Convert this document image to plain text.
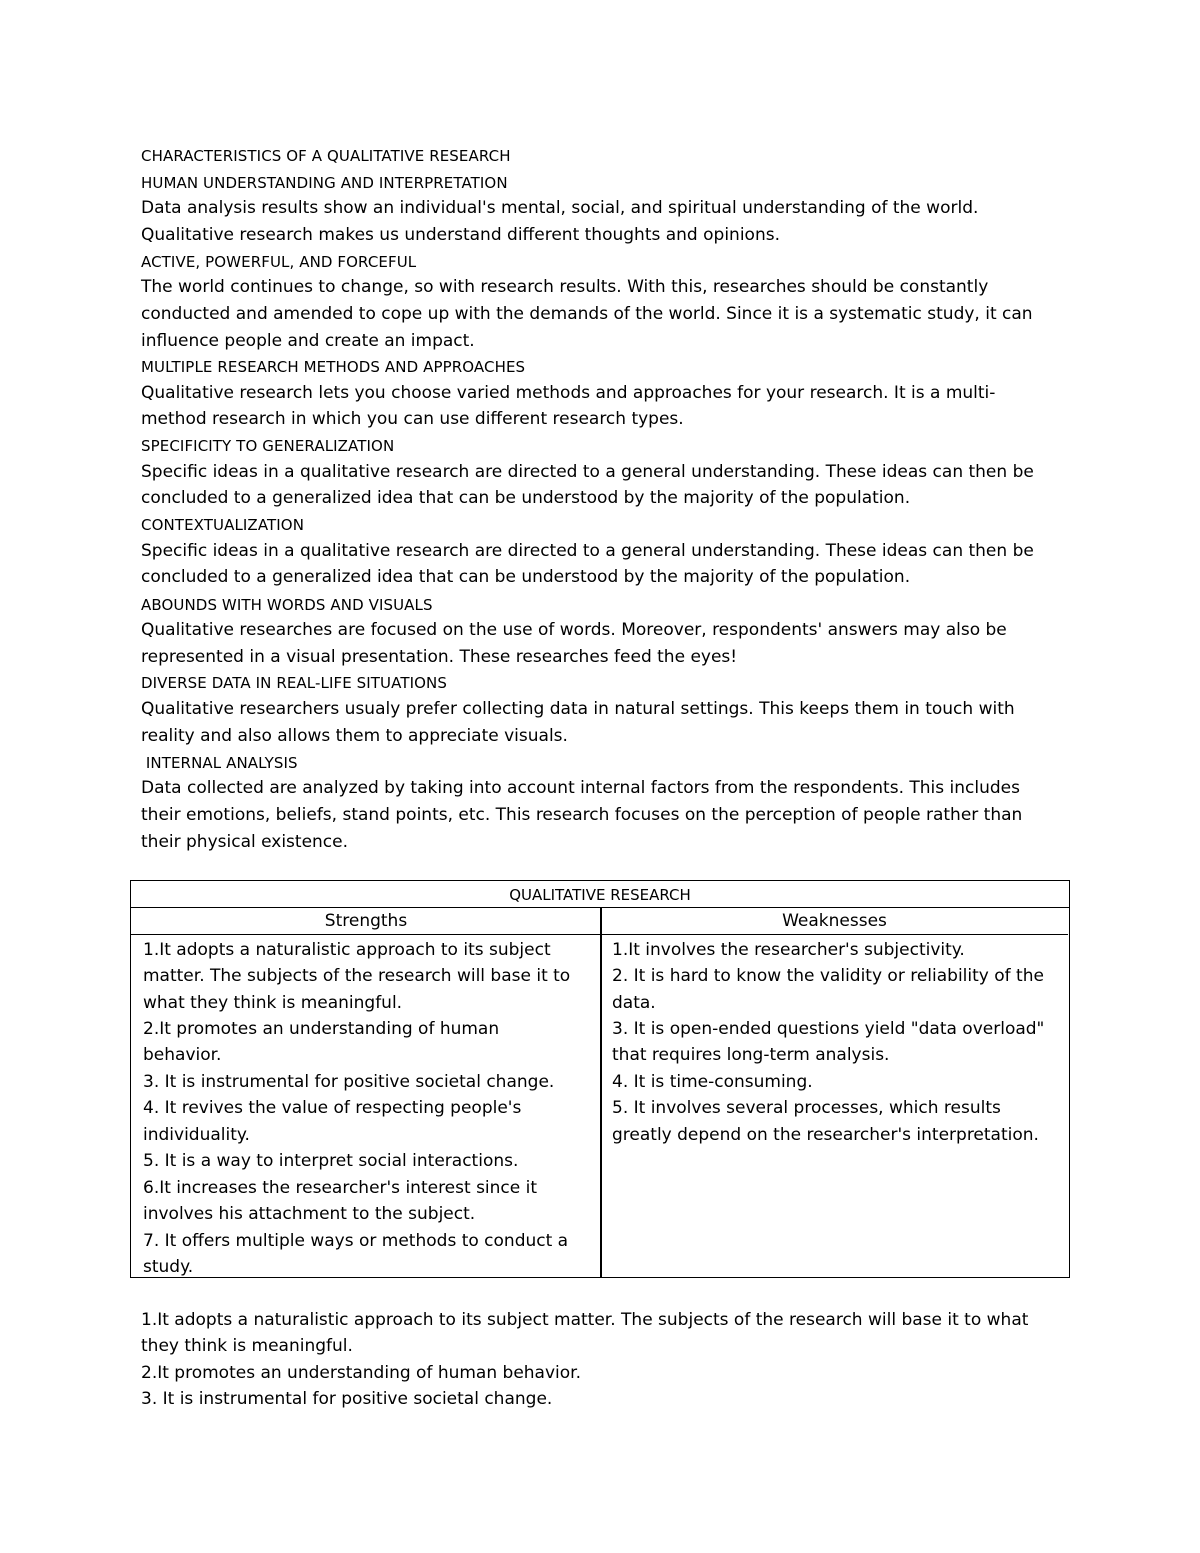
CHARACTERISTICS OF A QUALITATIVE RESEARCH

HUMAN UNDERSTANDING AND INTERPRETATION

Data analysis results show an individual's mental, social, and spiritual understanding of the world.

Qualitative research makes us understand different thoughts and opinions.

ACTIVE, POWERFUL, AND FORCEFUL

The world continues to change, so with research results. With this, researches should be constantly

conducted and amended to cope up with the demands of the world. Since it is a systematic study, it can

influence people and create an impact.

MULTIPLE RESEARCH METHODS AND APPROACHES

Qualitative research lets you choose varied methods and approaches for your research. It is a multi-

method research in which you can use different research types.

SPECIFICITY TO GENERALIZATION

Specific ideas in a qualitative research are directed to a general understanding. These ideas can then be

concluded to a generalized idea that can be understood by the majority of the population.

CONTEXTUALIZATION

Specific ideas in a qualitative research are directed to a general understanding. These ideas can then be

concluded to a generalized idea that can be understood by the majority of the population.

ABOUNDS WITH WORDS AND VISUALS

Qualitative researches are focused on the use of words. Moreover, respondents' answers may also be

represented in a visual presentation. These researches feed the eyes!

DIVERSE DATA IN REAL-LIFE SITUATIONS

Qualitative researchers usualy prefer collecting data in natural settings. This keeps them in touch with

reality and also allows them to appreciate visuals.

INTERNAL ANALYSIS

Data collected are analyzed by taking into account internal factors from the respondents. This includes

their emotions, beliefs, stand points, etc. This research focuses on the perception of people rather than

their physical existence.

QUALITATIVE RESEARCH
Strengths	Weaknesses

1.It adopts a naturalistic approach to its subject

matter. The subjects of the research will base it to

what they think is meaningful.

2.It promotes an understanding of human

behavior.

3. It is instrumental for positive societal change.

4. It revives the value of respecting people's

individuality.

5. It is a way to interpret social interactions.

6.It increases the researcher's interest since it

involves his attachment to the subject.

7. It offers multiple ways or methods to conduct a

study.

1.It involves the researcher's subjectivity.

2. It is hard to know the validity or reliability of the

data.

3. It is open-ended questions yield "data overload"

that requires long-term analysis.

4. It is time-consuming.

5. It involves several processes, which results

greatly depend on the researcher's interpretation.

1.It adopts a naturalistic approach to its subject matter. The subjects of the research will base it to what

they think is meaningful.

2.It promotes an understanding of human behavior.

3. It is instrumental for positive societal change.
